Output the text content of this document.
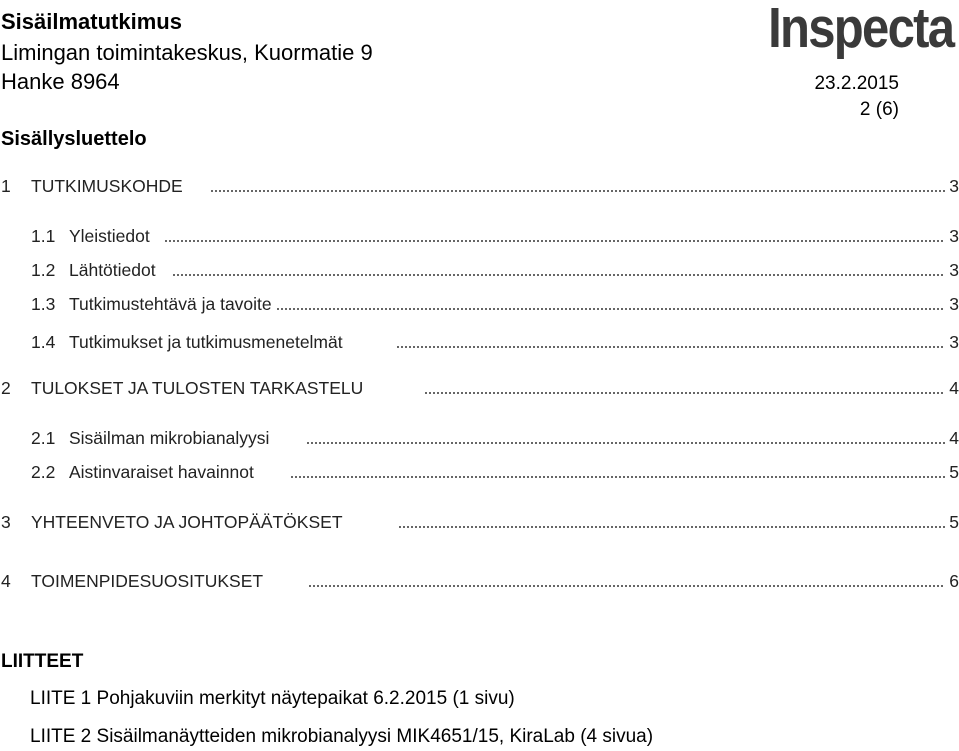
Sisäilmatutkimus
Limingan toimintakeskus, Kuormatie 9
Hanke 8964
Inspecta
23.2.2015
2 (6)
Sisällysluettelo
1 TUTKIMUSKOHDE	3
1.1 Yleistiedot	3
1.2 Lähtötiedot	3
1.3 Tutkimustehtävä ja tavoite	3
1.4 Tutkimukset ja tutkimusmenetelmät	3
2 TULOKSET JA TULOSTEN TARKASTELU	4
2.1 Sisäilman mikrobianalyysi	4
2.2 Aistinvaraiset havainnot	5
3 YHTEENVETO JA JOHTOPÄÄTÖKSET	5
4 TOIMENPIDESUOSITUKSET	6
LIITTEET
LIITE 1 Pohjakuviin merkityt näytepaikat 6.2.2015 (1 sivu)
LIITE 2 Sisäilmanäytteiden mikrobianalyysi MIK4651/15, KiraLab (4 sivua)
